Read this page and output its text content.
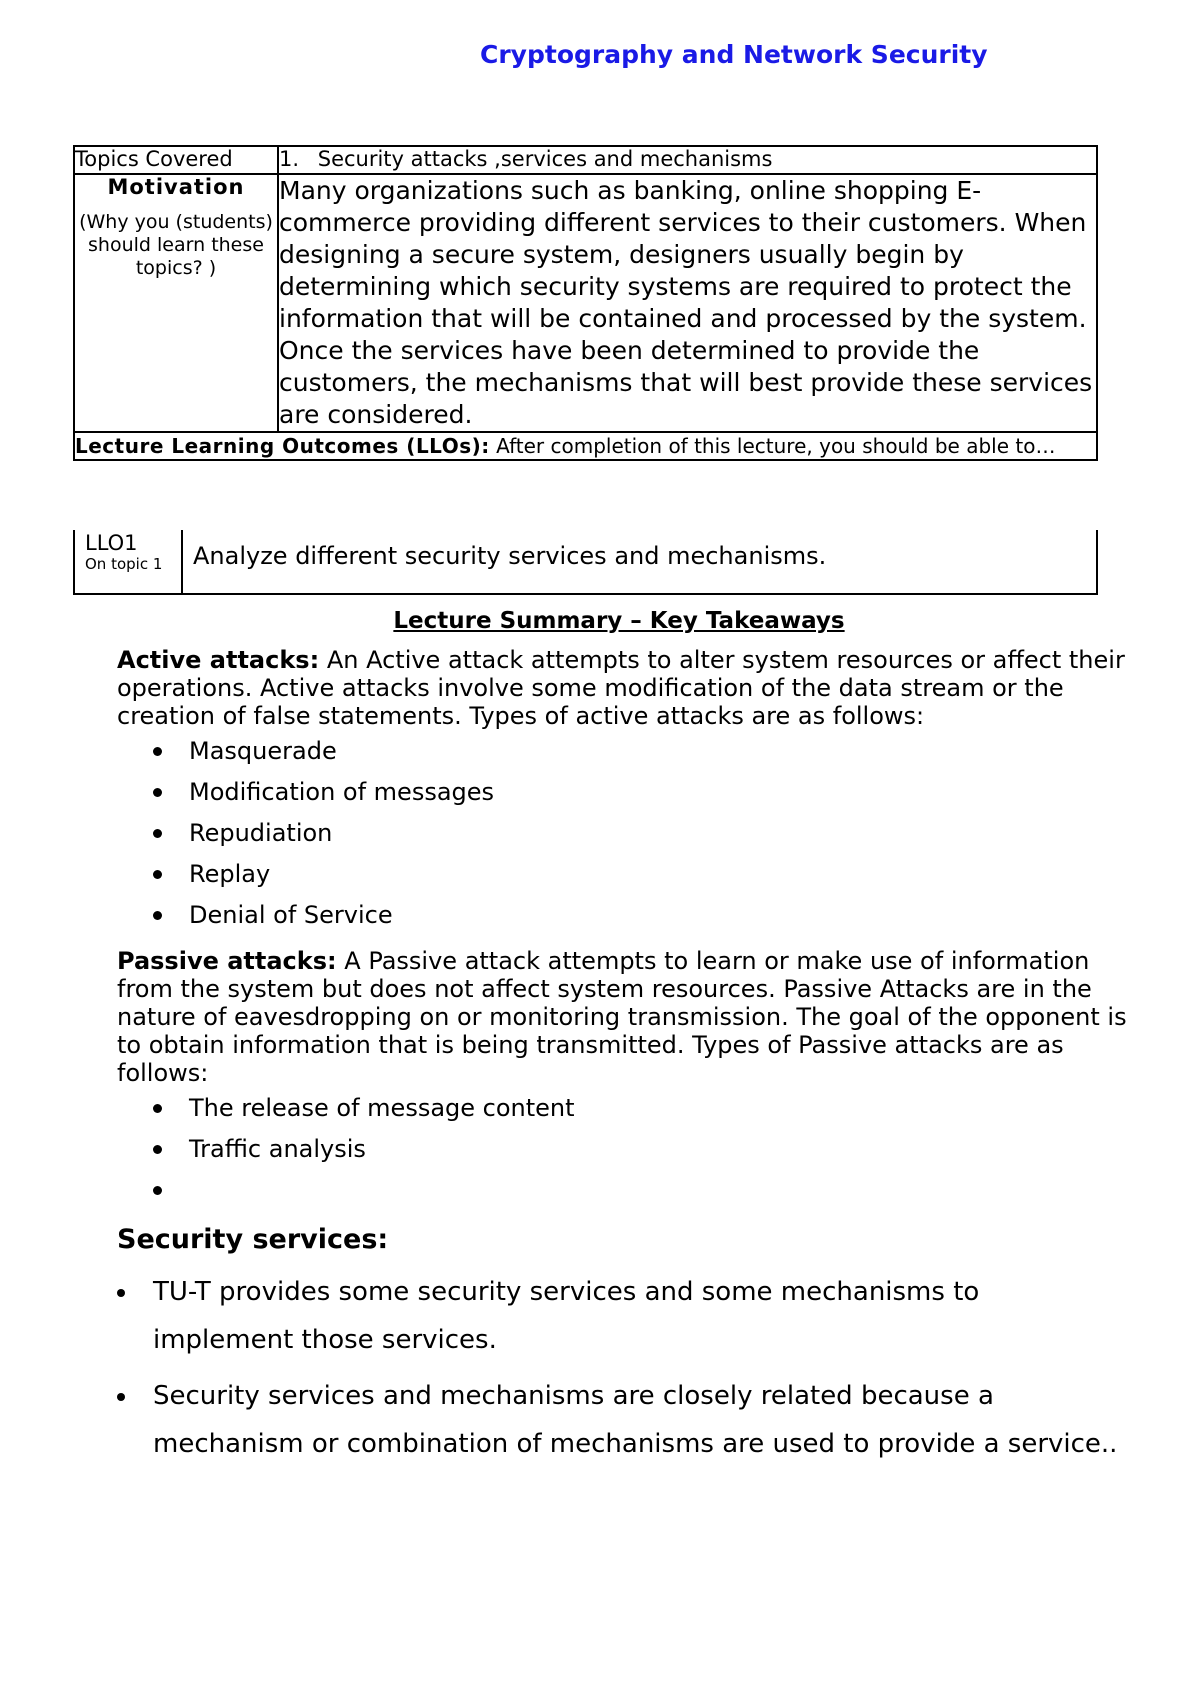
Cryptography and Network Security
Topics Covered	1. Security attacks ,services and mechanisms

Motivation
(Why you (students) should learn these topics? )	Many organizations such as banking, online shopping E-commerce providing different services to their customers. When designing a secure system, designers usually begin by determining which security systems are required to protect the information that will be contained and processed by the system. Once the services have been determined to provide the customers, the mechanisms that will best provide these services are considered.
Lecture Learning Outcomes (LLOs): After completion of this lecture, you should be able to…	
LLO1
On topic 1	Analyze different security services and mechanisms.
Lecture Summary – Key Takeaways

Active attacks: An Active attack attempts to alter system resources or affect their operations. Active attacks involve some modification of the data stream or the creation of false statements. Types of active attacks are as follows:

Masquerade
Modification of messages
Repudiation
Replay
Denial of Service

Passive attacks: A Passive attack attempts to learn or make use of information from the system but does not affect system resources. Passive Attacks are in the nature of eavesdropping on or monitoring transmission. The goal of the opponent is to obtain information that is being transmitted. Types of Passive attacks are as follows:

The release of message content
Traffic analysis
Security services:
TU-T provides some security services and some mechanisms to implement those services.
Security services and mechanisms are closely related because a mechanism or combination of mechanisms are used to provide a service..
